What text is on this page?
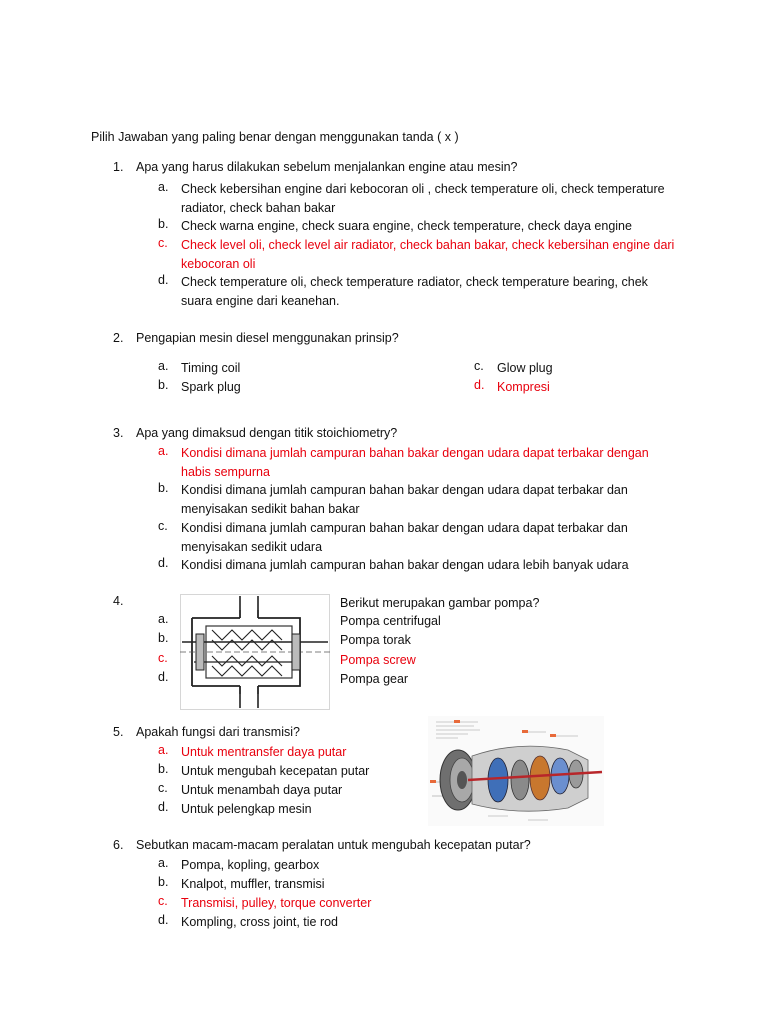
Pilih Jawaban yang paling benar dengan menggunakan tanda ( x )
1.	Apa yang harus dilakukan sebelum menjalankan engine atau mesin?
a.	Check kebersihan engine dari kebocoran oli , check temperature oli, check temperature radiator, check bahan bakar
b.	Check warna engine, check suara engine, check temperature, check daya engine
c.	Check level oli, check level air radiator, check bahan bakar, check kebersihan engine dari kebocoran oli
d.	Check temperature oli, check temperature radiator, check temperature bearing, chek suara engine dari keanehan.
2.	Pengapian mesin diesel menggunakan prinsip?
a.	Timing coil
b.	Spark plug
c.	Glow plug
d.	Kompresi
3.	Apa yang dimaksud dengan titik stoichiometry?
a.	Kondisi dimana jumlah campuran bahan bakar dengan udara dapat terbakar dengan habis sempurna
b.	Kondisi dimana jumlah campuran bahan bakar dengan udara dapat terbakar dan menyisakan sedikit bahan bakar
c.	Kondisi dimana jumlah campuran bahan bakar dengan udara dapat terbakar dan menyisakan sedikit udara
d.	Kondisi dimana jumlah campuran bahan bakar dengan udara lebih banyak udara
4.	Berikut merupakan gambar pompa?
a.
b.
c.
d.
Pompa centrifugal
Pompa torak
Pompa screw
Pompa gear
5.	Apakah fungsi dari transmisi?
a.	Untuk mentransfer daya putar
b.	Untuk mengubah kecepatan putar
c.	Untuk menambah daya putar
d.	Untuk pelengkap mesin
6.	Sebutkan macam-macam peralatan untuk mengubah kecepatan putar?
a.	Pompa, kopling, gearbox
b.	Knalpot, muffler, transmisi
c.	Transmisi, pulley, torque converter
d.	Kompling, cross joint, tie rod
